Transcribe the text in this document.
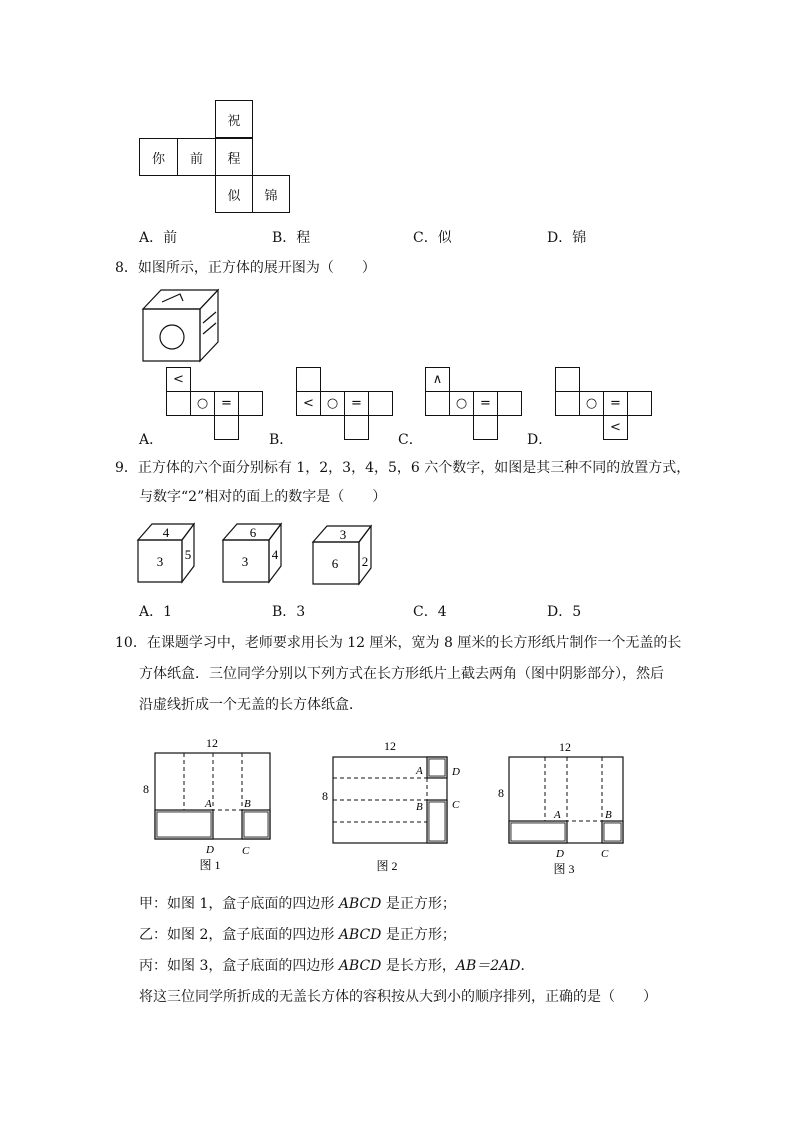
祝
你	前	程
似	锦
A．前	B．程	C．似	D．锦
8．如图所示，正方体的展开图为（　　）
<
○ =
A．
< ○ =
B．
∧
○ =
C．
○ =
<
D．
9．正方体的六个面分别标有 1，2，3，4，5，6 六个数字，如图是其三种不同的放置方式，
与数字“2”相对的面上的数字是（　　）
4
3 5
6
3 4
3
6 2
A．1	B．3	C．4	D．5
10．在课题学习中，老师要求用长为 12 厘米，宽为 8 厘米的长方形纸片制作一个无盖的长
方体纸盒．三位同学分别以下列方式在长方形纸片上截去两角（图中阴影部分），然后
沿虚线折成一个无盖的长方体纸盒．
12
8
A	B
D	C
图 1
12
8
A
B
D
C
图 2
12
8
A	B
D	C
图 3
甲：如图 1，盒子底面的四边形 ABCD 是正方形；
乙：如图 2，盒子底面的四边形 ABCD 是正方形；
丙：如图 3，盒子底面的四边形 ABCD 是长方形，AB＝2AD．
将这三位同学所折成的无盖长方体的容积按从大到小的顺序排列，正确的是（　　）
